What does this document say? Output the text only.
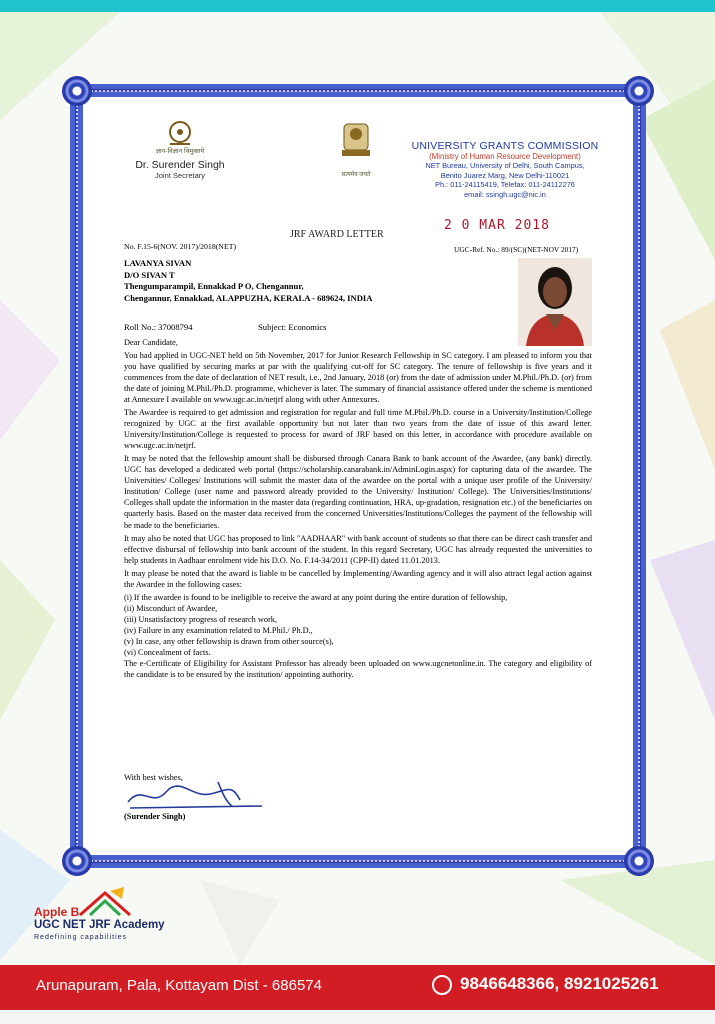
ज्ञान-विज्ञान विमुक्तये
Dr. Surender Singh
Joint Secretary	सत्यमेव जयते
UNIVERSITY GRANTS COMMISSION
(Ministry of Human Resource Development)
NET Bureau, University of Delhi, South Campus,
Benito Juarez Marg, New Delhi-110021
Ph.: 011-24115419, Telefax: 011-24112276
email: ssingh.ugc@nic.in
2 0 MAR 2018
JRF AWARD LETTER
No. F.15-6(NOV. 2017)/2018(NET)	UGC-Ref. No.: 89/(SC)(NET-NOV 2017)
LAVANYA SIVAN
D/O SIVAN T
Thengumparampil, Ennakkad P O, Chengannur,
Chengannur, Ennakkad, ALAPPUZHA, KERALA - 689624, INDIA
Roll No.: 37008794	Subject: Economics

Dear Candidate,

You had applied in UGC-NET held on 5th November, 2017 for Junior Research Fellowship in SC category. I am pleased to inform you that you have qualified by securing marks at par with the qualifying cut-off for SC category. The tenure of fellowship is five years and it commences from the date of declaration of NET result, i.e., 2nd January, 2018 (or) from the date of admission under M.Phil./Ph.D. (or) from the date of joining M.Phil./Ph.D. programme, whichever is later. The summary of financial assistance offered under the scheme is mentioned at Annexure I available on www.ugc.ac.in/netjrf along with other Annexures.

The Awardee is required to get admission and registration for regular and full time M.Phil./Ph.D. course in a University/Institution/College recognized by UGC at the first available opportunity but not later than two years from the date of issue of this award letter. University/Institution/College is requested to process for award of JRF based on this letter, in accordance with procedure available on www.ugc.ac.in/netjrf.

It may be noted that the fellowship amount shall be disbursed through Canara Bank to bank account of the Awardee, (any bank) directly. UGC has developed a dedicated web portal (https://scholarship.canarabank.in/AdminLogin.aspx) for capturing data of the awardee. The Universities/ Colleges/ Institutions will submit the master data of the awardee on the portal with a unique user profile of the University/ Institution/ College (user name and password already provided to the University/ Institution/ College). The Universities/Institutions/ Colleges shall update the information in the master data (regarding continuation, HRA, up-gradation, resignation etc.) of the beneficiaries on quarterly basis. Based on the master data received from the concerned Universities/Institutions/Colleges the payment of the fellowship will be made to the beneficiaries.

It may also be noted that UGC has proposed to link "AADHAAR" with bank account of students so that there can be direct cash transfer and effective disbursal of fellowship into bank account of the student. In this regard Secretary, UGC has already requested the universities to help students in Aadhaar enrolment vide his D.O. No. F.14-34/2011 (CPP-II) dated 11.01.2013.

It may please be noted that the award is liable to be cancelled by Implementing/Awarding agency and it will also attract legal action against the Awardee in the following cases:

(i) If the awardee is found to be ineligible to receive the award at any point during the entire duration of fellowship,

(ii) Misconduct of Awardee,

(iii) Unsatisfactory progress of research work,

(iv) Failure in any examination related to M.Phil./ Ph.D.,

(v) In case, any other fellowship is drawn from other source(s),

(vi) Concealment of facts.

The e-Certificate of Eligibility for Assistant Professor has already been uploaded on www.ugcnetonline.in. The category and eligibility of the candidate is to be ensured by the institution/ appointing authority.

With best wishes,
(Surender Singh)
Apple B
UGC NET JRF Academy
Redefining capabilities
Arunapuram, Pala, Kottayam Dist - 686574	9846648366, 8921025261
